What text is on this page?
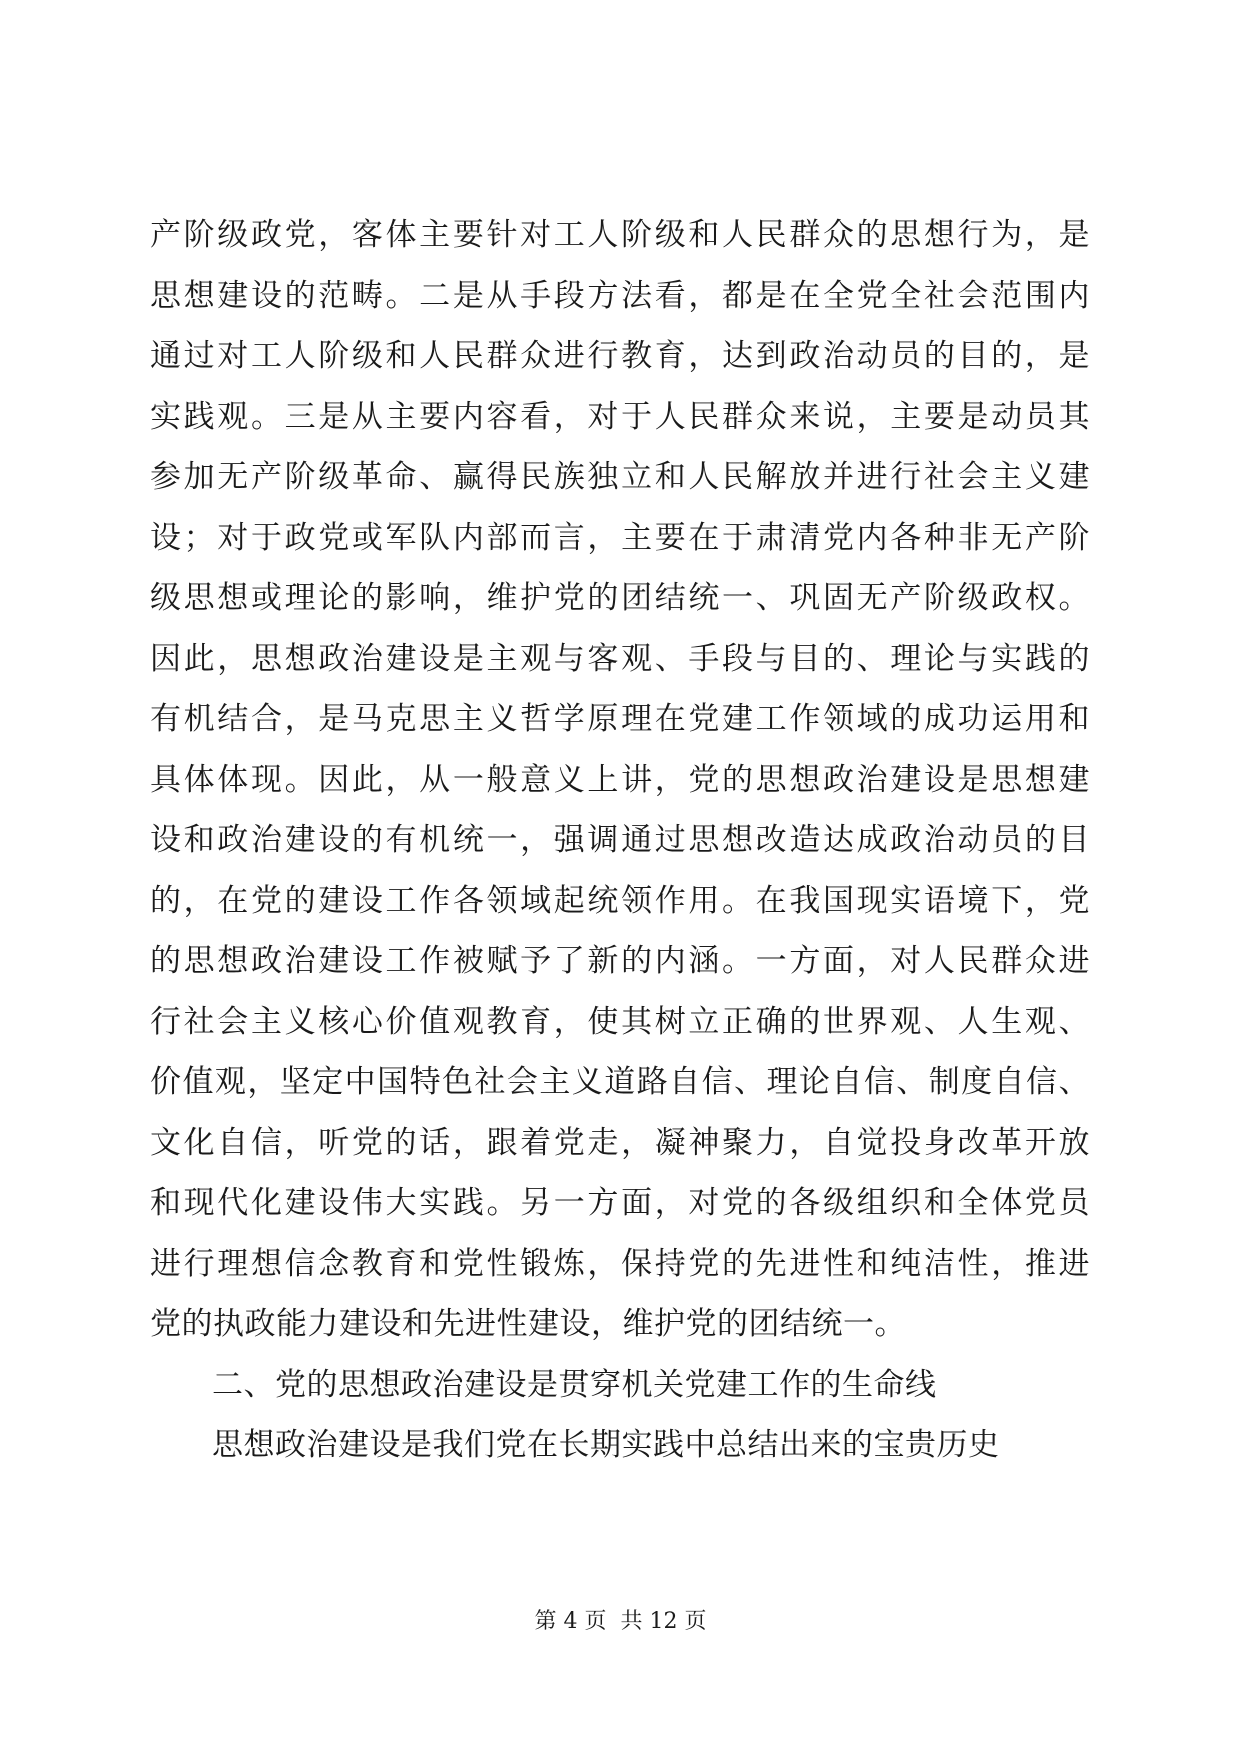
产阶级政党，客体主要针对工人阶级和人民群众的思想行为，是
思想建设的范畴。二是从手段方法看，都是在全党全社会范围内
通过对工人阶级和人民群众进行教育，达到政治动员的目的，是
实践观。三是从主要内容看，对于人民群众来说，主要是动员其
参加无产阶级革命、赢得民族独立和人民解放并进行社会主义建
设；对于政党或军队内部而言，主要在于肃清党内各种非无产阶
级思想或理论的影响，维护党的团结统一、巩固无产阶级政权。
因此，思想政治建设是主观与客观、手段与目的、理论与实践的
有机结合，是马克思主义哲学原理在党建工作领域的成功运用和
具体体现。因此，从一般意义上讲，党的思想政治建设是思想建
设和政治建设的有机统一，强调通过思想改造达成政治动员的目
的，在党的建设工作各领域起统领作用。在我国现实语境下，党
的思想政治建设工作被赋予了新的内涵。一方面，对人民群众进
行社会主义核心价值观教育，使其树立正确的世界观、人生观、
价值观，坚定中国特色社会主义道路自信、理论自信、制度自信、
文化自信，听党的话，跟着党走，凝神聚力，自觉投身改革开放
和现代化建设伟大实践。另一方面，对党的各级组织和全体党员
进行理想信念教育和党性锻炼，保持党的先进性和纯洁性，推进
党的执政能力建设和先进性建设，维护党的团结统一。
二、党的思想政治建设是贯穿机关党建工作的生命线
思想政治建设是我们党在长期实践中总结出来的宝贵历史
第 4 页  共 12 页
